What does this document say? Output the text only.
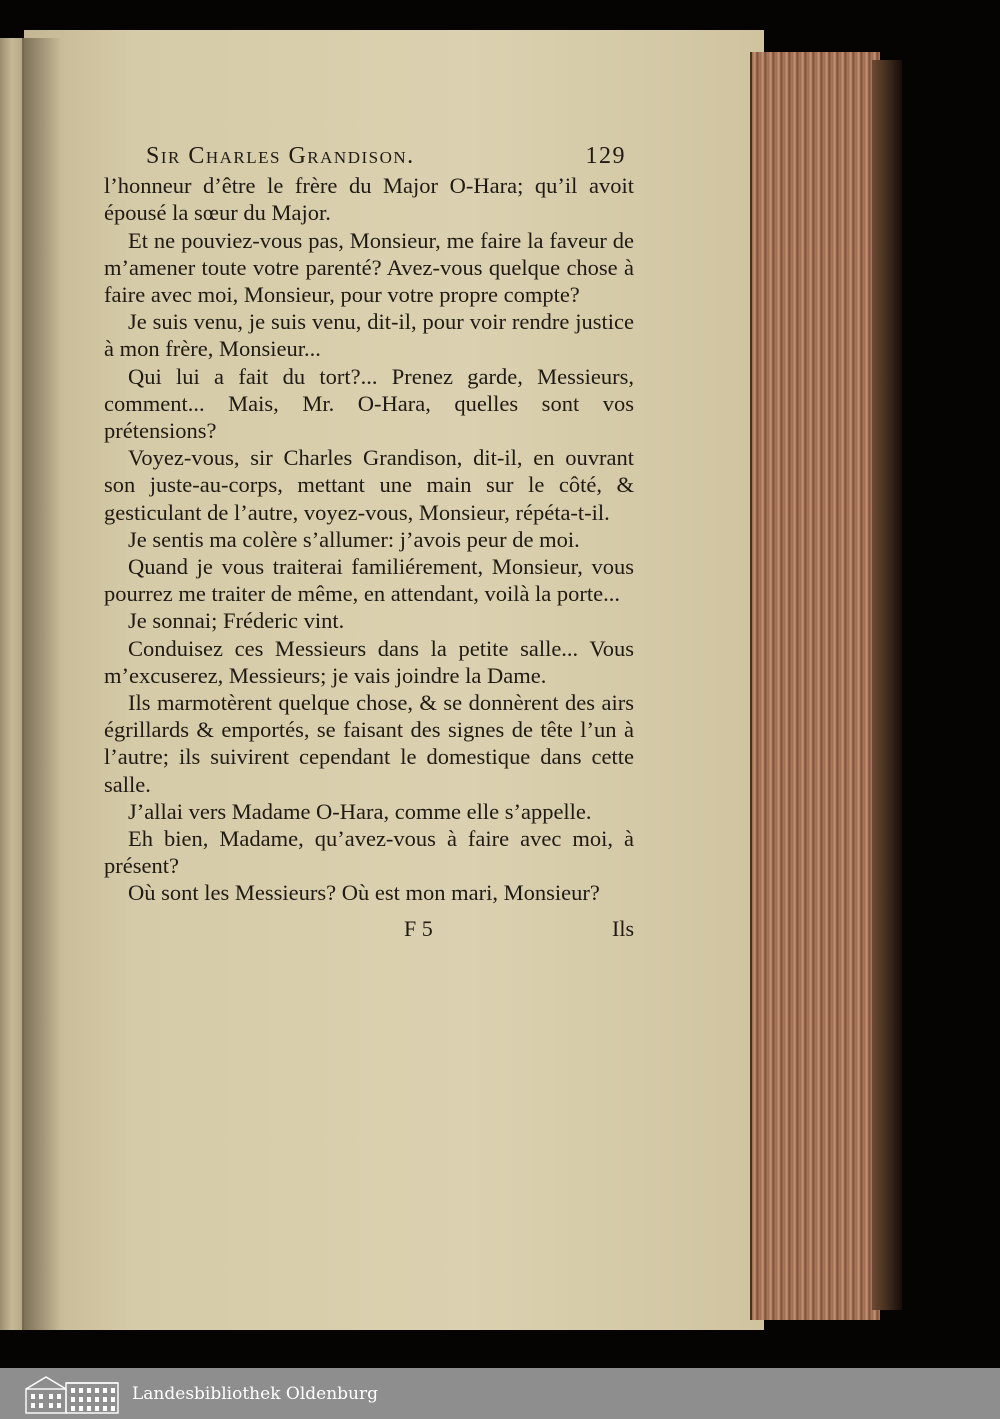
Sir Charles Grandison.	129

l’honneur d’être le frère du Major O-Hara; qu’il avoit épousé la sœur du Major.

Et ne pouviez-vous pas, Monsieur, me faire la faveur de m’amener toute votre parenté? Avez-vous quelque chose à faire avec moi, Monsieur, pour votre propre compte?

Je suis venu, je suis venu, dit-il, pour voir rendre justice à mon frère, Monsieur...

Qui lui a fait du tort?... Prenez garde, Messieurs, comment... Mais, Mr. O-Hara, quelles sont vos prétensions?

Voyez-vous, sir Charles Grandison, dit-il, en ouvrant son juste-au-corps, mettant une main sur le côté, & gesticulant de l’autre, voyez-vous, Monsieur, répéta-t-il.

Je sentis ma colère s’allumer: j’avois peur de moi.

Quand je vous traiterai familiérement, Monsieur, vous pourrez me traiter de même, en attendant, voilà la porte...

Je sonnai; Fréderic vint.

Conduisez ces Messieurs dans la petite salle... Vous m’excuserez, Messieurs; je vais joindre la Dame.

Ils marmotèrent quelque chose, & se donnèrent des airs égrillards & emportés, se faisant des signes de tête l’un à l’autre; ils suivirent cependant le domestique dans cette salle.

J’allai vers Madame O-Hara, comme elle s’appelle.

Eh bien, Madame, qu’avez-vous à faire avec moi, à présent?

Où sont les Messieurs? Où est mon mari, Monsieur?

F 5	Ils
Landesbibliothek Oldenburg
